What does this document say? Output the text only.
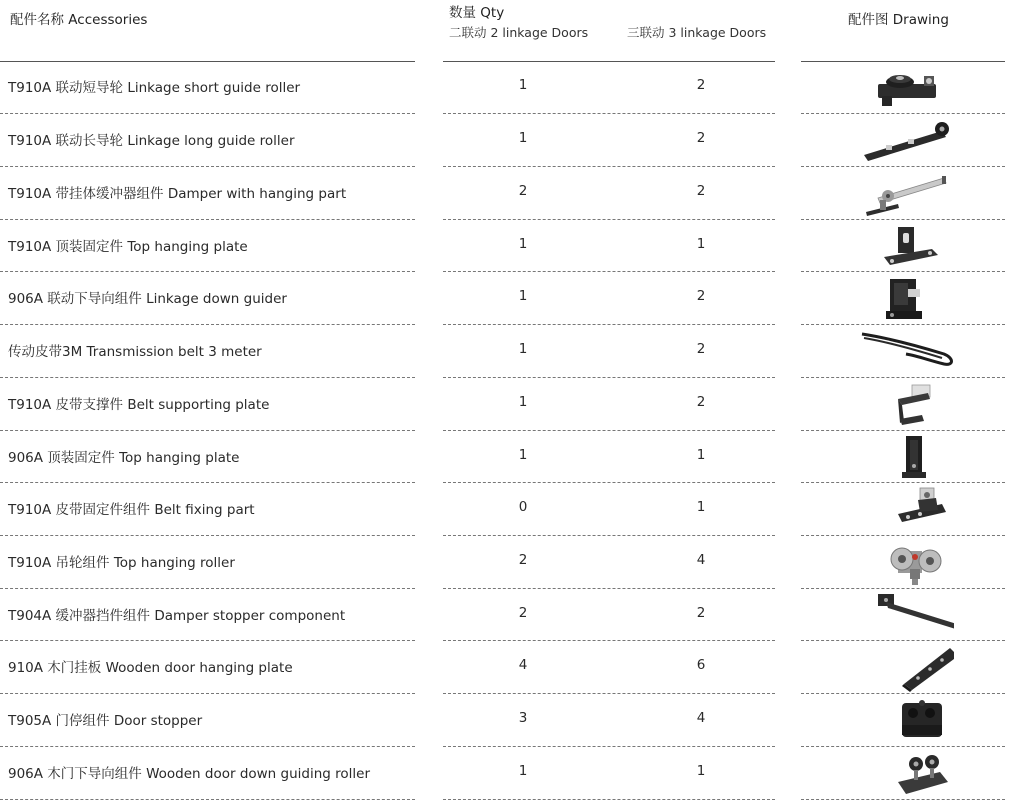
配件名称 Accessories	数量 Qty
二联动 2 linkage Doors	三联动 3 linkage Doors
配件图 Drawing
T910A 联动短导轮 Linkage short guide roller	1	2
T910A 联动长导轮 Linkage long guide roller	1	2
T910A 带挂体缓冲器组件 Damper with hanging part	2	2
T910A 顶装固定件 Top hanging plate	1	1
906A 联动下导向组件 Linkage down guider	1	2
传动皮带3M Transmission belt 3 meter	1	2
T910A 皮带支撑件 Belt supporting plate	1	2
906A 顶装固定件 Top hanging plate	1	1
T910A 皮带固定件组件 Belt fixing part	0	1
T910A 吊轮组件 Top hanging roller	2	4
T904A 缓冲器挡件组件 Damper stopper component	2	2
910A 木门挂板 Wooden door hanging plate	4	6
T905A 门停组件 Door stopper	3	4
906A 木门下导向组件 Wooden door down guiding roller	1	1
